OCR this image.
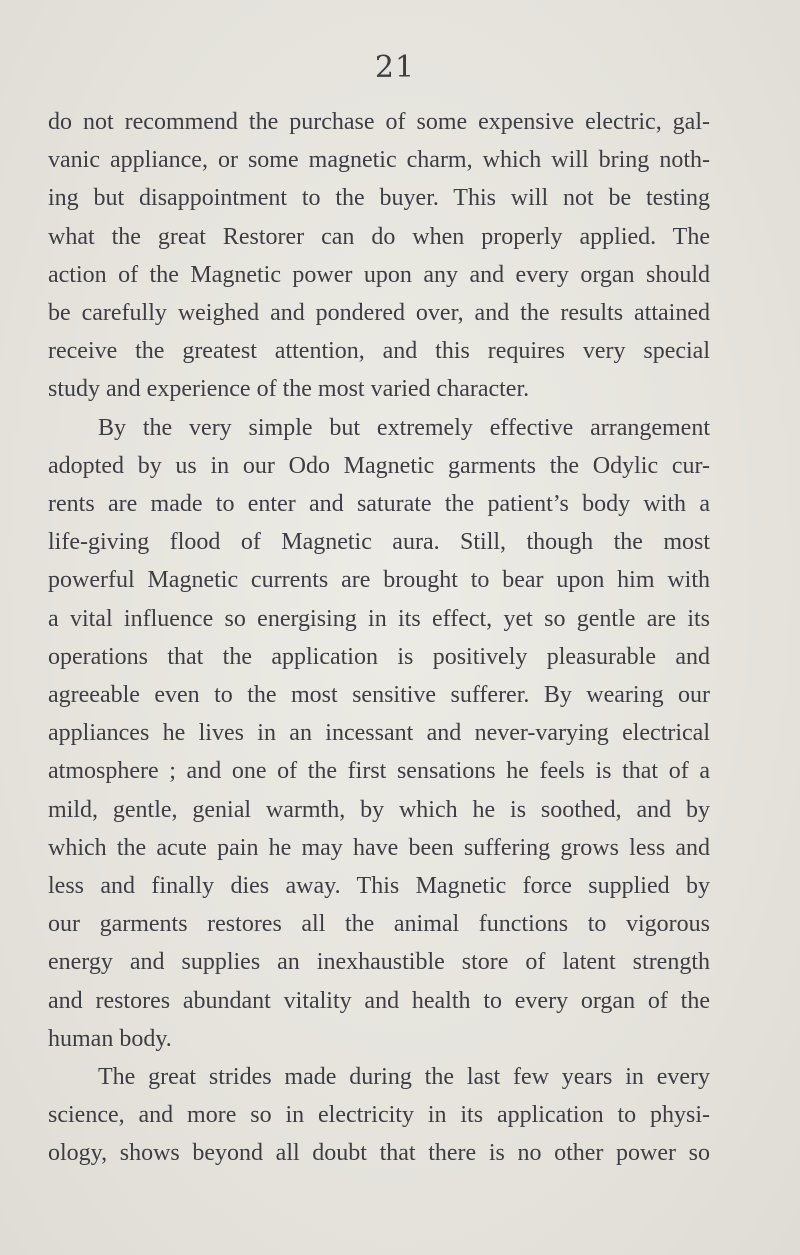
21
do not recommend the purchase of some expensive electric, gal-
vanic appliance, or some magnetic charm, which will bring noth-
ing but disappointment to the buyer. This will not be testing
what the great Restorer can do when properly applied. The
action of the Magnetic power upon any and every organ should
be carefully weighed and pondered over, and the results attained
receive the greatest attention, and this requires very special
study and experience of the most varied character.
By the very simple but extremely effective arrangement
adopted by us in our Odo Magnetic garments the Odylic cur-
rents are made to enter and saturate the patient’s body with a
life-giving flood of Magnetic aura. Still, though the most
powerful Magnetic currents are brought to bear upon him with
a vital influence so energising in its effect, yet so gentle are its
operations that the application is positively pleasurable and
agreeable even to the most sensitive sufferer. By wearing our
appliances he lives in an incessant and never-varying electrical
atmosphere ; and one of the first sensations he feels is that of a
mild, gentle, genial warmth, by which he is soothed, and by
which the acute pain he may have been suffering grows less and
less and finally dies away. This Magnetic force supplied by
our garments restores all the animal functions to vigorous
energy and supplies an inexhaustible store of latent strength
and restores abundant vitality and health to every organ of the
human body.
The great strides made during the last few years in every
science, and more so in electricity in its application to physi-
ology, shows beyond all doubt that there is no other power so
